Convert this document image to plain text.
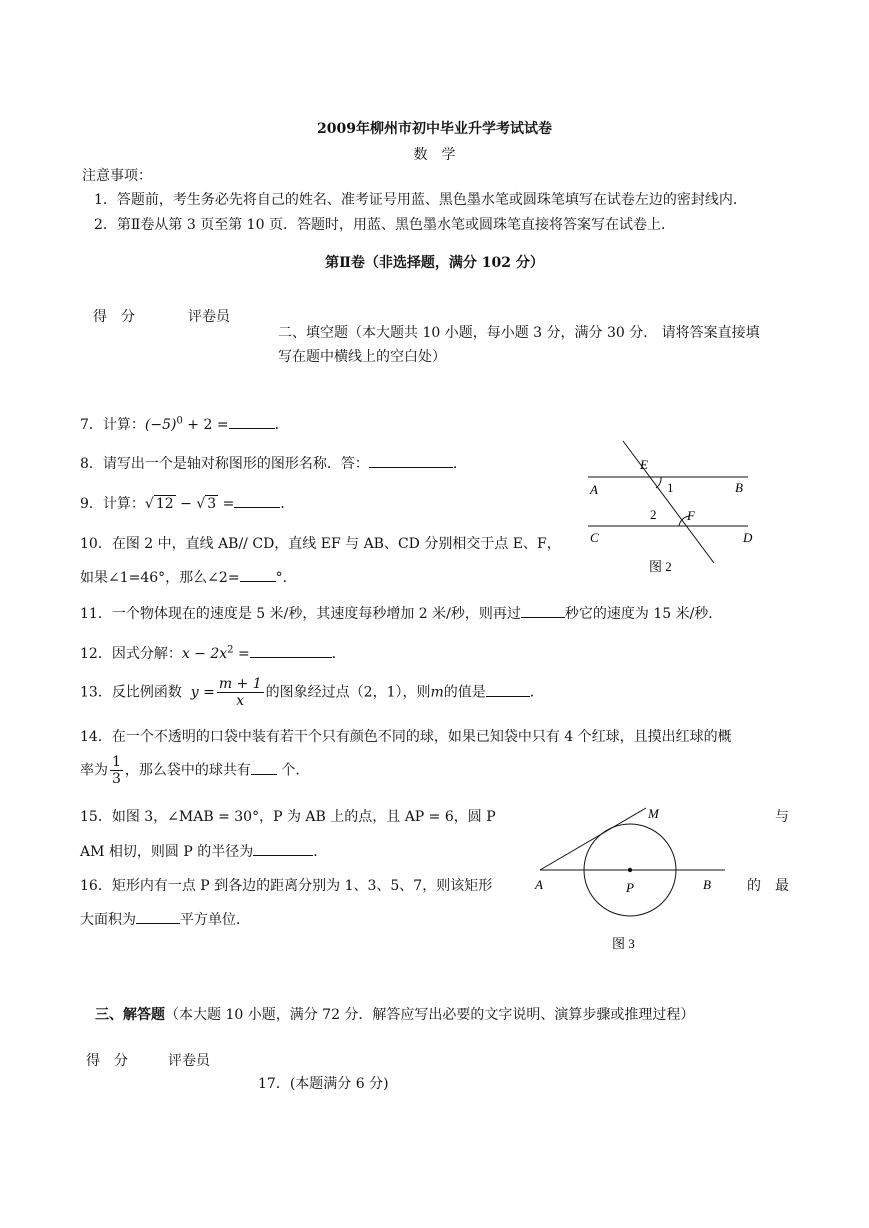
2009年柳州市初中毕业升学考试试卷
数　学
注意事项：
1．答题前，考生务必先将自己的姓名、准考证号用蓝、黑色墨水笔或圆珠笔填写在试卷左边的密封线内．
2．第Ⅱ卷从第 3 页至第 10 页．答题时，用蓝、黑色墨水笔或圆珠笔直接将答案写在试卷上．
第Ⅱ卷（非选择题，满分 102 分）
得　分	评卷员
二、填空题（本大题共 10 小题，每小题 3 分，满分 30 分． 请将答案直接填
写在题中横线上的空白处）
7．计算：$(-5)^0 + 2$ =	．
8．请写出一个是轴对称图形的图形名称．答：	．
9．计算：√ 12 − √ 3 =	．
10．在图 2 中，直线 AB// CD，直线 EF 与 AB、CD 分别相交于点 E、F，
如果∠1=46°，那么∠2=	°．
E
A	1	B
2 F
C	D
图 2
11．一个物体现在的速度是 5 米/秒，其速度每秒增加 2 米/秒，则再过	秒它的速度为 15 米/秒．
12．因式分解：$x - 2x^2$ =	．
13．反比例函数 $y = \frac{m + 1}{x}$ 的图象经过点（2，1），则m的值是	．
14．在一个不透明的口袋中装有若干个只有颜色不同的球，如果已知袋中只有 4 个红球，且摸出红球的概
率为 $\frac{1}{3}$ ，那么袋中的球共有 个.
15．如图 3，∠MAB = 30°，P 为 AB 上的点，且 AP = 6，圆 P	与
AM 相切，则圆 P 的半径为	．
16．矩形内有一点 P 到各边的距离分别为 1、3、5、7，则该矩形	的　最
大面积为	平方单位．
M
A	P	B
图 3
三、解答题（本大题 10 小题，满分 72 分．解答应写出必要的文字说明、演算步骤或推理过程）
得　分	评卷员
17．(本题满分 6 分)
